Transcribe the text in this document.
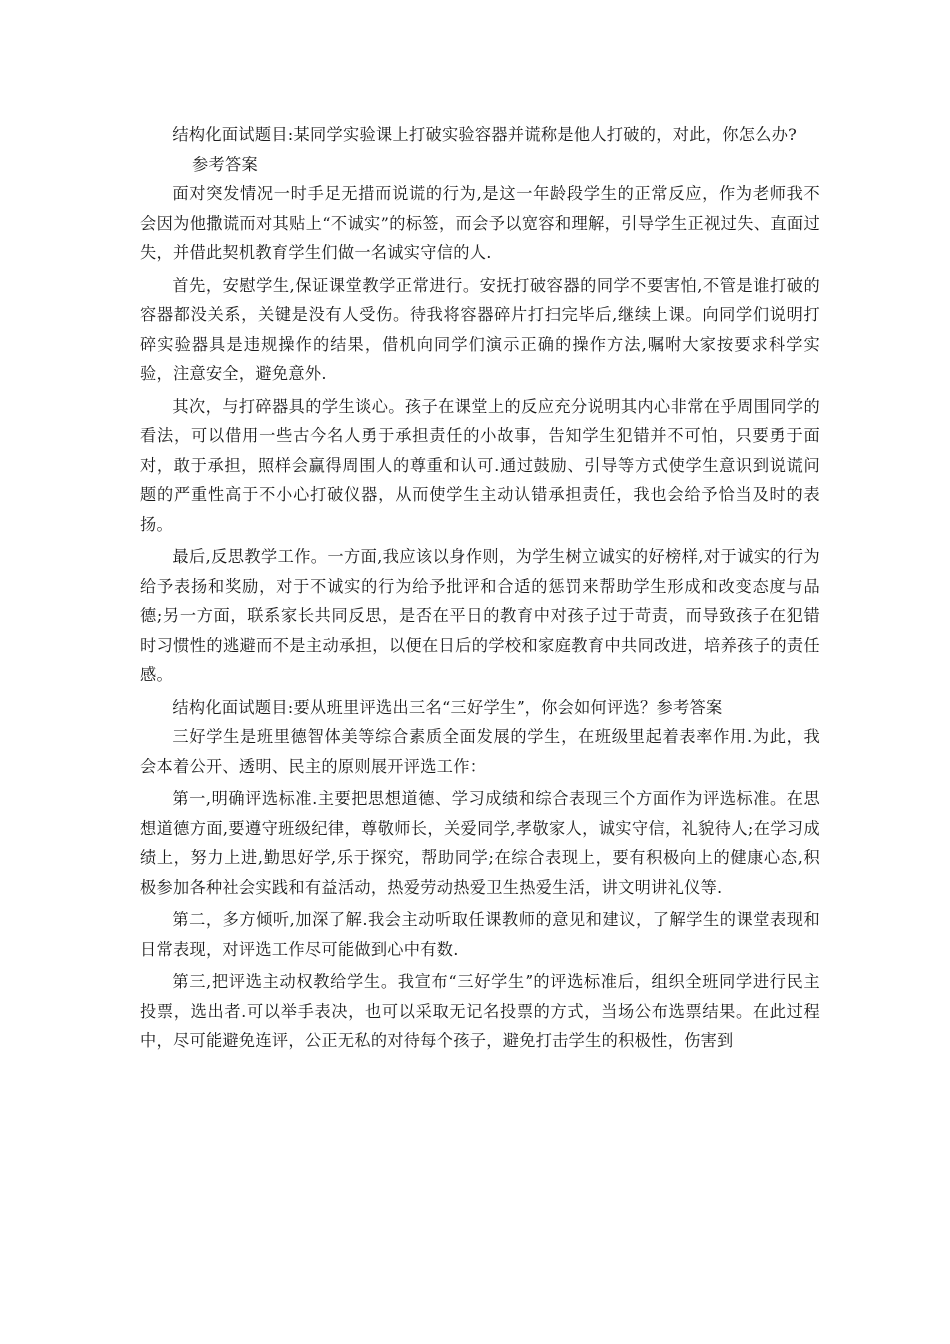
结构化面试题目:某同学实验课上打破实验容器并谎称是他人打破的，对此，你怎么办?

参考答案

面对突发情况一时手足无措而说谎的行为,是这一年龄段学生的正常反应，作为老师我不会因为他撒谎而对其贴上“不诚实”的标签，而会予以宽容和理解，引导学生正视过失、直面过失，并借此契机教育学生们做一名诚实守信的人.

首先，安慰学生,保证课堂教学正常进行。安抚打破容器的同学不要害怕,不管是谁打破的容器都没关系，关键是没有人受伤。待我将容器碎片打扫完毕后,继续上课。向同学们说明打碎实验器具是违规操作的结果，借机向同学们演示正确的操作方法,嘱咐大家按要求科学实验，注意安全，避免意外.

其次，与打碎器具的学生谈心。孩子在课堂上的反应充分说明其内心非常在乎周围同学的看法，可以借用一些古今名人勇于承担责任的小故事，告知学生犯错并不可怕，只要勇于面对，敢于承担，照样会赢得周围人的尊重和认可.通过鼓励、引导等方式使学生意识到说谎问题的严重性高于不小心打破仪器，从而使学生主动认错承担责任，我也会给予恰当及时的表扬。

最后,反思教学工作。一方面,我应该以身作则，为学生树立诚实的好榜样,对于诚实的行为给予表扬和奖励，对于不诚实的行为给予批评和合适的惩罚来帮助学生形成和改变态度与品德;另一方面，联系家长共同反思，是否在平日的教育中对孩子过于苛责，而导致孩子在犯错时习惯性的逃避而不是主动承担，以便在日后的学校和家庭教育中共同改进，培养孩子的责任感。

结构化面试题目:要从班里评选出三名“三好学生ˮ，你会如何评选？参考答案

三好学生是班里德智体美等综合素质全面发展的学生，在班级里起着表率作用.为此，我会本着公开、透明、民主的原则展开评选工作：

第一,明确评选标准.主要把思想道德、学习成绩和综合表现三个方面作为评选标准。在思想道德方面,要遵守班级纪律，尊敬师长，关爱同学,孝敬家人，诚实守信，礼貌待人;在学习成绩上，努力上进,勤思好学,乐于探究，帮助同学;在综合表现上，要有积极向上的健康心态,积极参加各种社会实践和有益活动，热爱劳动热爱卫生热爱生活，讲文明讲礼仪等.

第二，多方倾听,加深了解.我会主动听取任课教师的意见和建议，了解学生的课堂表现和日常表现，对评选工作尽可能做到心中有数.

第三,把评选主动权教给学生。我宣布“三好学生ˮ的评选标准后，组织全班同学进行民主投票，选出者.可以举手表决，也可以采取无记名投票的方式，当场公布选票结果。在此过程中，尽可能避免连评，公正无私的对待每个孩子，避免打击学生的积极性，伤害到
